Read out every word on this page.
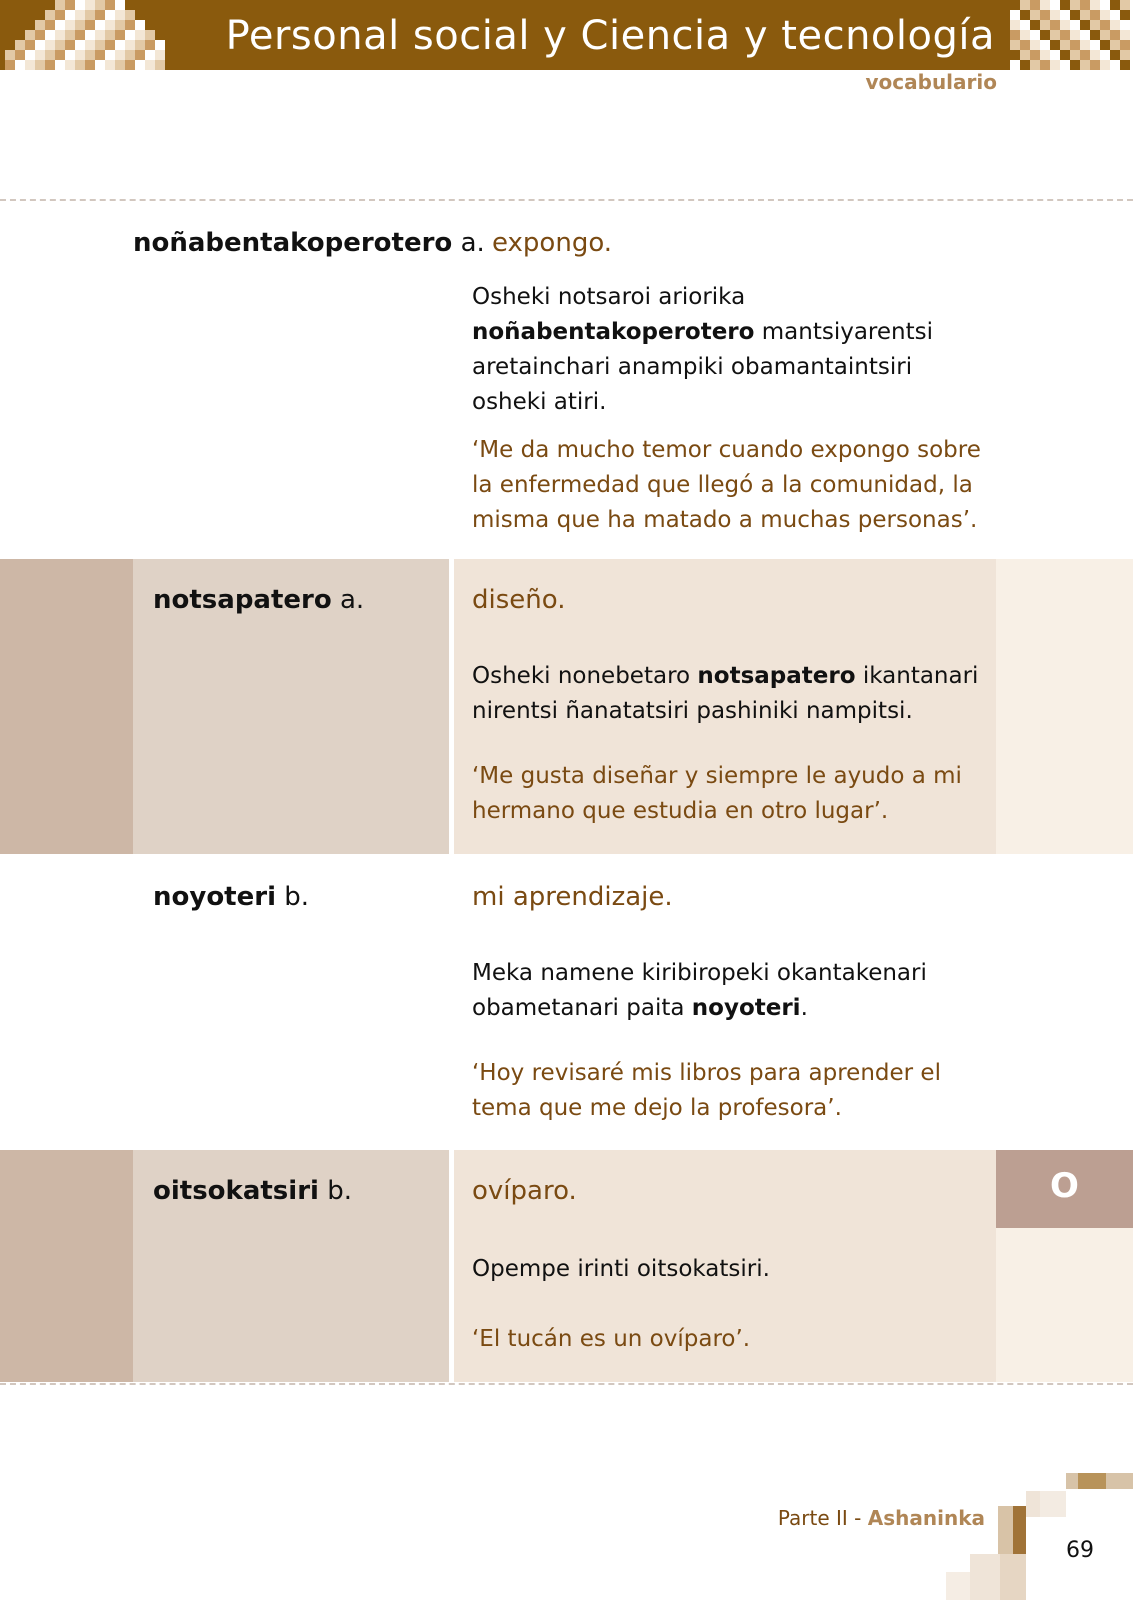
Personal social y Ciencia y tecnología
vocabulario
noñabentakoperotero a. expongo.
Osheki notsaroi ariorika noñabentakoperotero mantsiyarentsi aretainchari anampiki obamantaintsiri osheki atiri.
‘Me da mucho temor cuando expongo sobre la enfermedad que llegó a la comunidad, la misma que ha matado a muchas personas’.
notsapatero a.	diseño.
Osheki nonebetaro notsapatero ikantanari nirentsi ñanatatsiri pashiniki nampitsi.
‘Me gusta diseñar y siempre le ayudo a mi hermano que estudia en otro lugar’.
noyoteri b.	mi aprendizaje.
Meka namene kiribiropeki okantakenari obametanari paita noyoteri.
‘Hoy revisaré mis libros para aprender el tema que me dejo la profesora’.
oitsokatsiri b.	ovíparo.
Opempe irinti oitsokatsiri.
‘El tucán es un ovíparo’.
O
Parte II - Ashaninka
69
